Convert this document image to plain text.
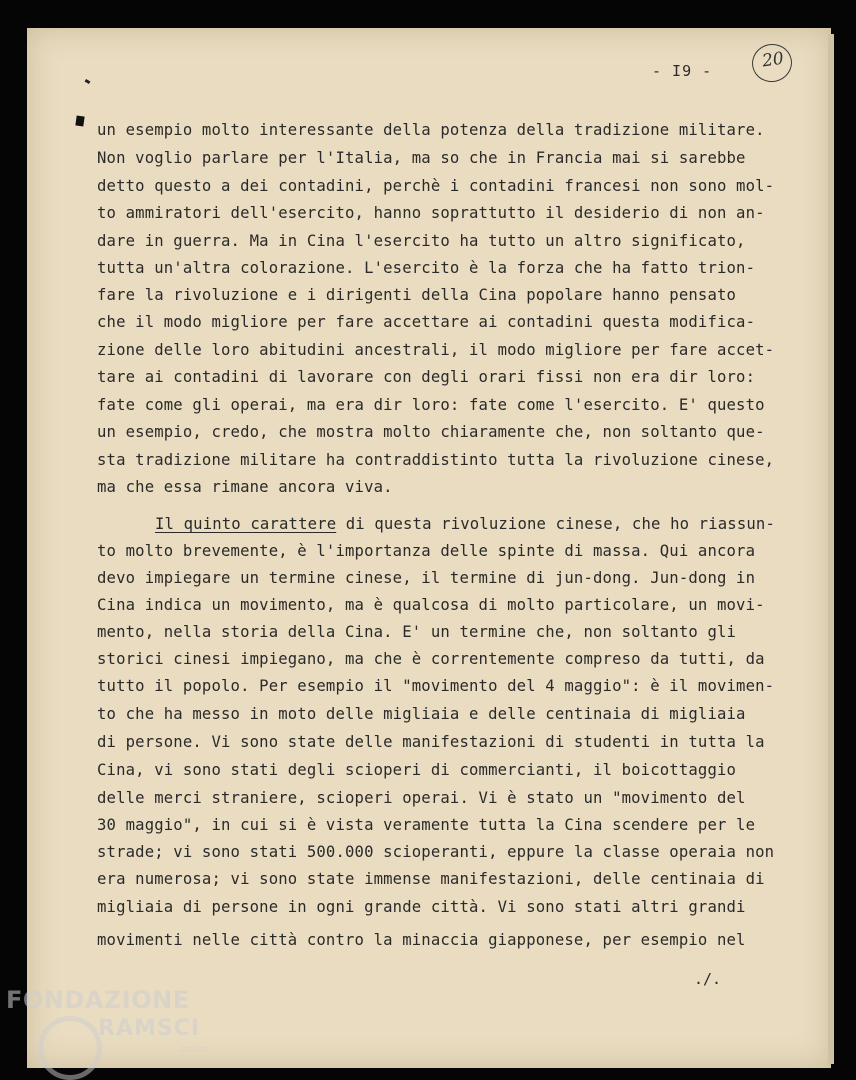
- I9 -	20

un esempio molto interessante della potenza della tradizione militare.

Non voglio parlare per l'Italia, ma so che in Francia mai si sarebbe

detto questo a dei contadini, perchè i contadini francesi non sono mol-

to ammiratori dell'esercito, hanno soprattutto il desiderio di non an-

dare in guerra. Ma in Cina l'esercito ha tutto un altro significato,

tutta un'altra colorazione. L'esercito è la forza che ha fatto trion-

fare la rivoluzione e i dirigenti della Cina popolare hanno pensato

che il modo migliore per fare accettare ai contadini questa modifica-

zione delle loro abitudini ancestrali, il modo migliore per fare accet-

tare ai contadini di lavorare con degli orari fissi non era dir loro:

fate come gli operai, ma era dir loro: fate come l'esercito. E' questo

un esempio, credo, che mostra molto chiaramente che, non soltanto que-

sta tradizione militare ha contraddistinto tutta la rivoluzione cinese,

ma che essa rimane ancora viva.

Il quinto carattere di questa rivoluzione cinese, che ho riassun-

to molto brevemente, è l'importanza delle spinte di massa. Qui ancora

devo impiegare un termine cinese, il termine di jun-dong. Jun-dong in

Cina indica un movimento, ma è qualcosa di molto particolare, un movi-

mento, nella storia della Cina. E' un termine che, non soltanto gli

storici cinesi impiegano, ma che è correntemente compreso da tutti, da

tutto il popolo. Per esempio il "movimento del 4 maggio": è il movimen-

to che ha messo in moto delle migliaia e delle centinaia di migliaia

di persone. Vi sono state delle manifestazioni di studenti in tutta la

Cina, vi sono stati degli scioperi di commercianti, il boicottaggio

delle merci straniere, scioperi operai. Vi è stato un "movimento del

30 maggio", in cui si è vista veramente tutta la Cina scendere per le

strade; vi sono stati 500.000 scioperanti, eppure la classe operaia non

era numerosa; vi sono state immense manifestazioni, delle centinaia di

migliaia di persone in ogni grande città. Vi sono stati altri grandi

movimenti nelle città contro la minaccia giapponese, per esempio nel

./.
FONDAZIONE
RAMSCI
onlus
